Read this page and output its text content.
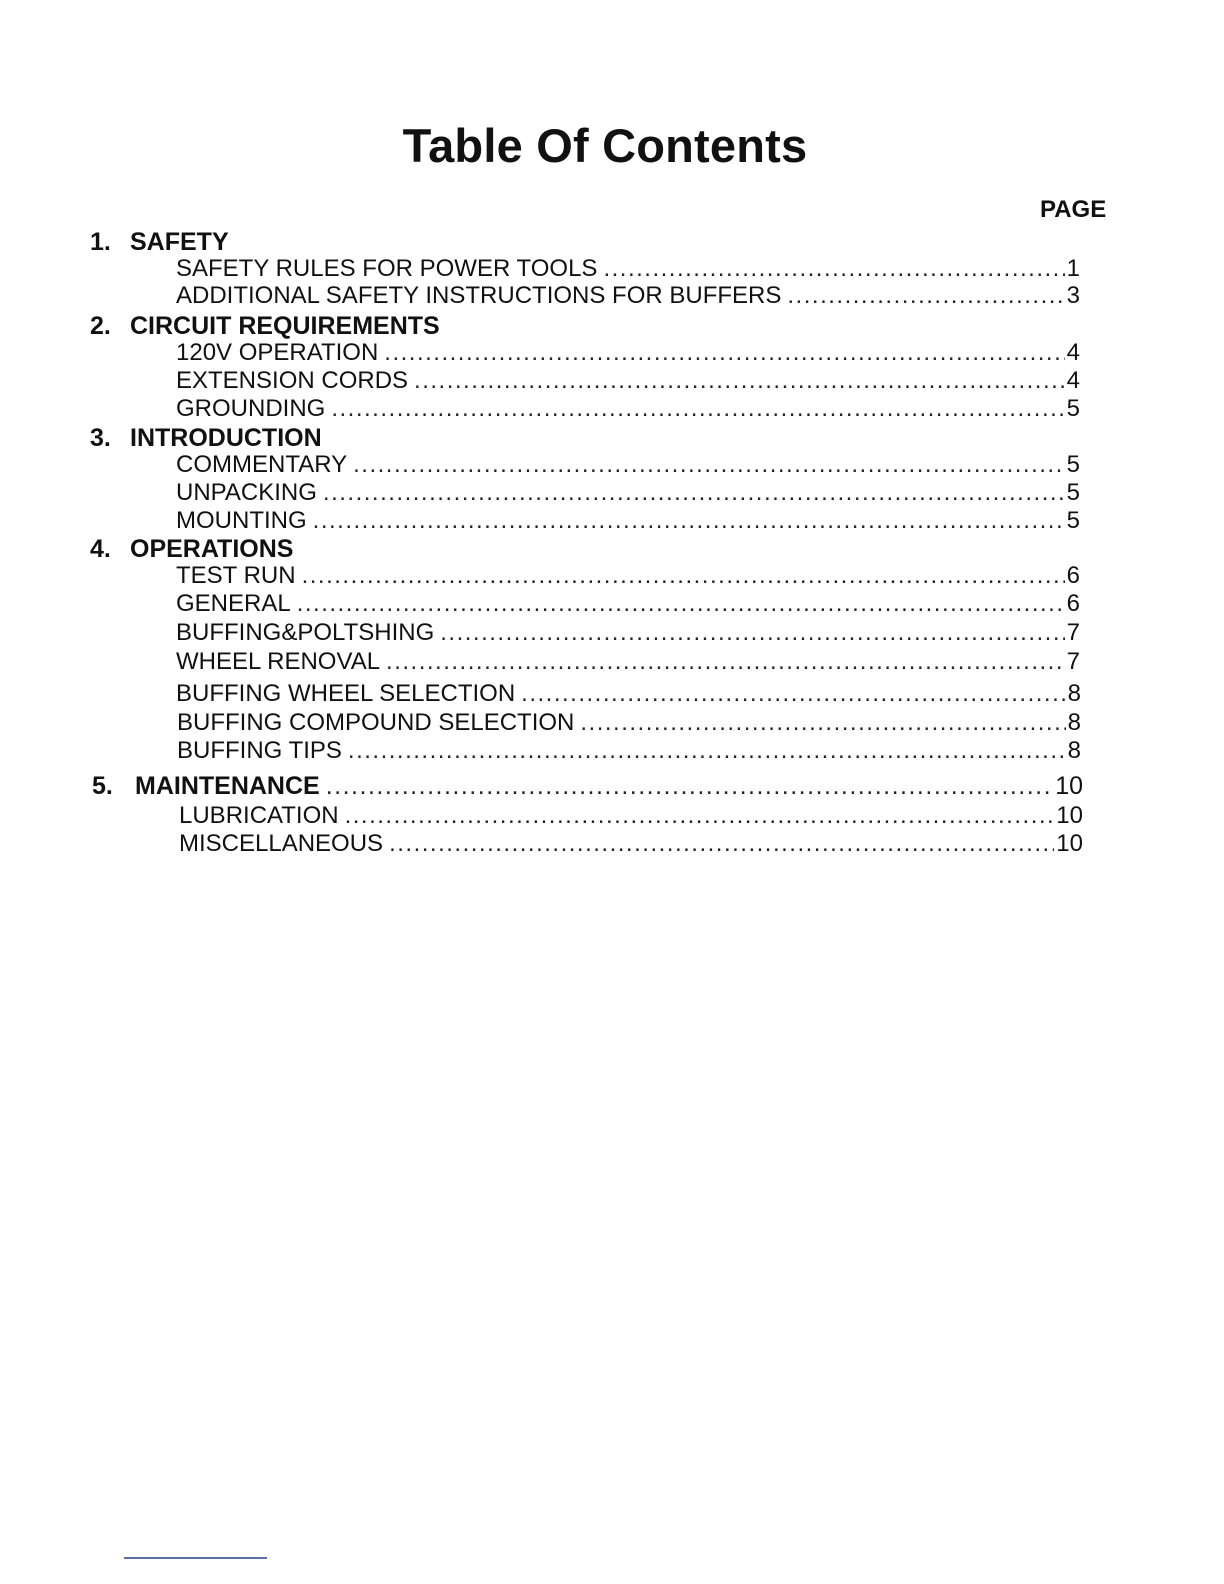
Table Of Contents
PAGE
1. SAFETY
SAFETY RULES FOR POWER TOOLS .....	1
ADDITIONAL SAFETY INSTRUCTIONS FOR BUFFERS .....	3
2. CIRCUIT REQUIREMENTS
120V OPERATION .....	4
EXTENSION CORDS .....	4
GROUNDING .....	5
3. INTRODUCTION
COMMENTARY .....	5
UNPACKING .....	5
MOUNTING .....	5
4. OPERATIONS
TEST RUN .....	6
GENERAL .....	6
BUFFING&POLTSHING .....	7
WHEEL RENOVAL .....	7
BUFFING WHEEL SELECTION .....	8
BUFFING COMPOUND SELECTION .....	8
BUFFING TIPS .....	8
5. MAINTENANCE .....	10
LUBRICATION .....	10
MISCELLANEOUS .....	10
